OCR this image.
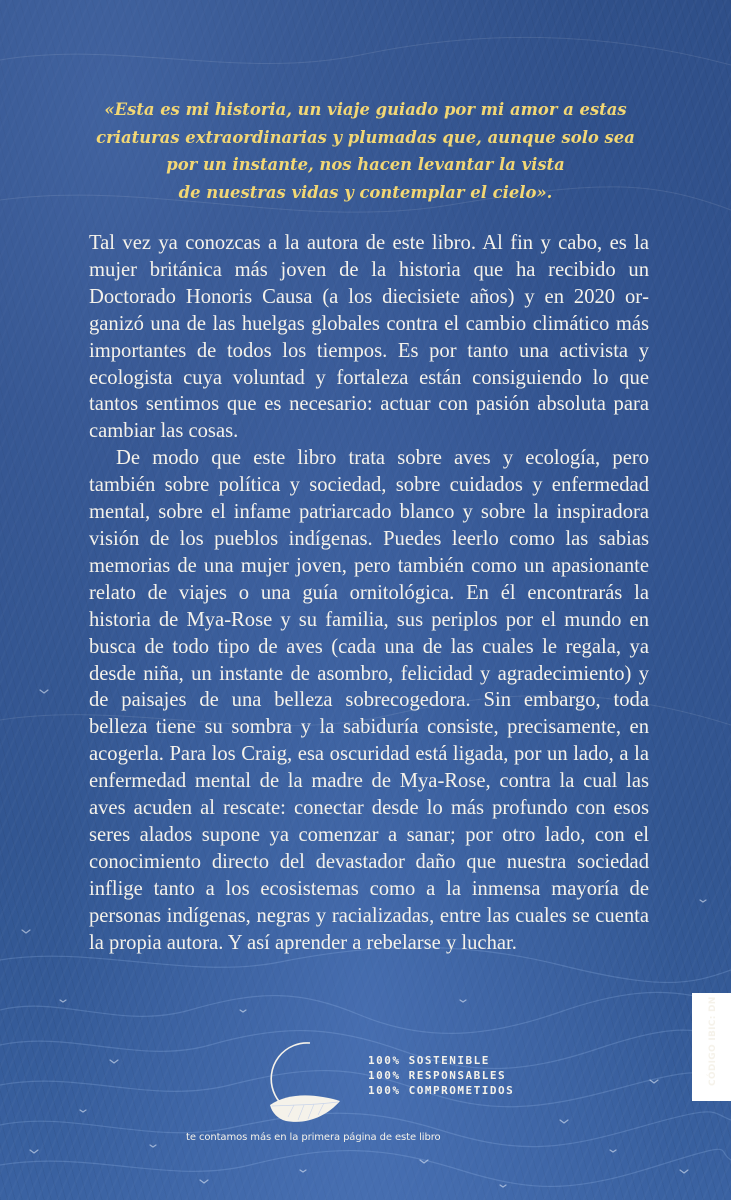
«Esta es mi historia, un viaje guiado por mi amor a estas
criaturas extraordinarias y plumadas que, aunque solo sea
por un instante, nos hacen levantar la vista
de nuestras vidas y contemplar el cielo».

Tal vez ya conozcas a la autora de este libro. Al fin y cabo, es la mujer británica más joven de la historia que ha recibido un Doctorado Honoris Causa (a los diecisiete años) y en 2020 organizó una de las huelgas globales contra el cambio climático más importantes de todos los tiempos. Es por tanto una activista y ecologista cuya voluntad y fortaleza están consiguiendo lo que tantos sentimos que es necesario: actuar con pasión absoluta para cambiar las cosas.

De modo que este libro trata sobre aves y ecología, pero también sobre política y sociedad, sobre cuidados y enfermedad mental, sobre el infame patriarcado blanco y sobre la inspiradora visión de los pueblos indígenas. Puedes leerlo como las sabias memorias de una mujer joven, pero también como un apasionante relato de viajes o una guía ornitológica. En él encontrarás la historia de Mya-Rose y su familia, sus periplos por el mundo en busca de todo tipo de aves (cada una de las cuales le regala, ya desde niña, un instante de asombro, felicidad y agradecimiento) y de paisajes de una belleza sobrecogedora. Sin embargo, toda belleza tiene su sombra y la sabiduría consiste, precisamente, en acogerla. Para los Craig, esa oscuridad está ligada, por un lado, a la enfermedad mental de la madre de Mya-Rose, contra la cual las aves acuden al rescate: conectar desde lo más profundo con esos seres alados supone ya comenzar a sanar; por otro lado, con el conocimiento directo del devastador daño que nuestra sociedad inflige tanto a los ecosistemas como a la inmensa mayoría de personas indígenas, negras y racializadas, entre las cuales se cuenta la propia autora. Y así aprender a rebelarse y luchar.

100% SOSTENIBLE
100% RESPONSABLES
100% COMPROMETIDOS
te contamos más en la primera página de este libro
CÓDIGO IBIC: DN
